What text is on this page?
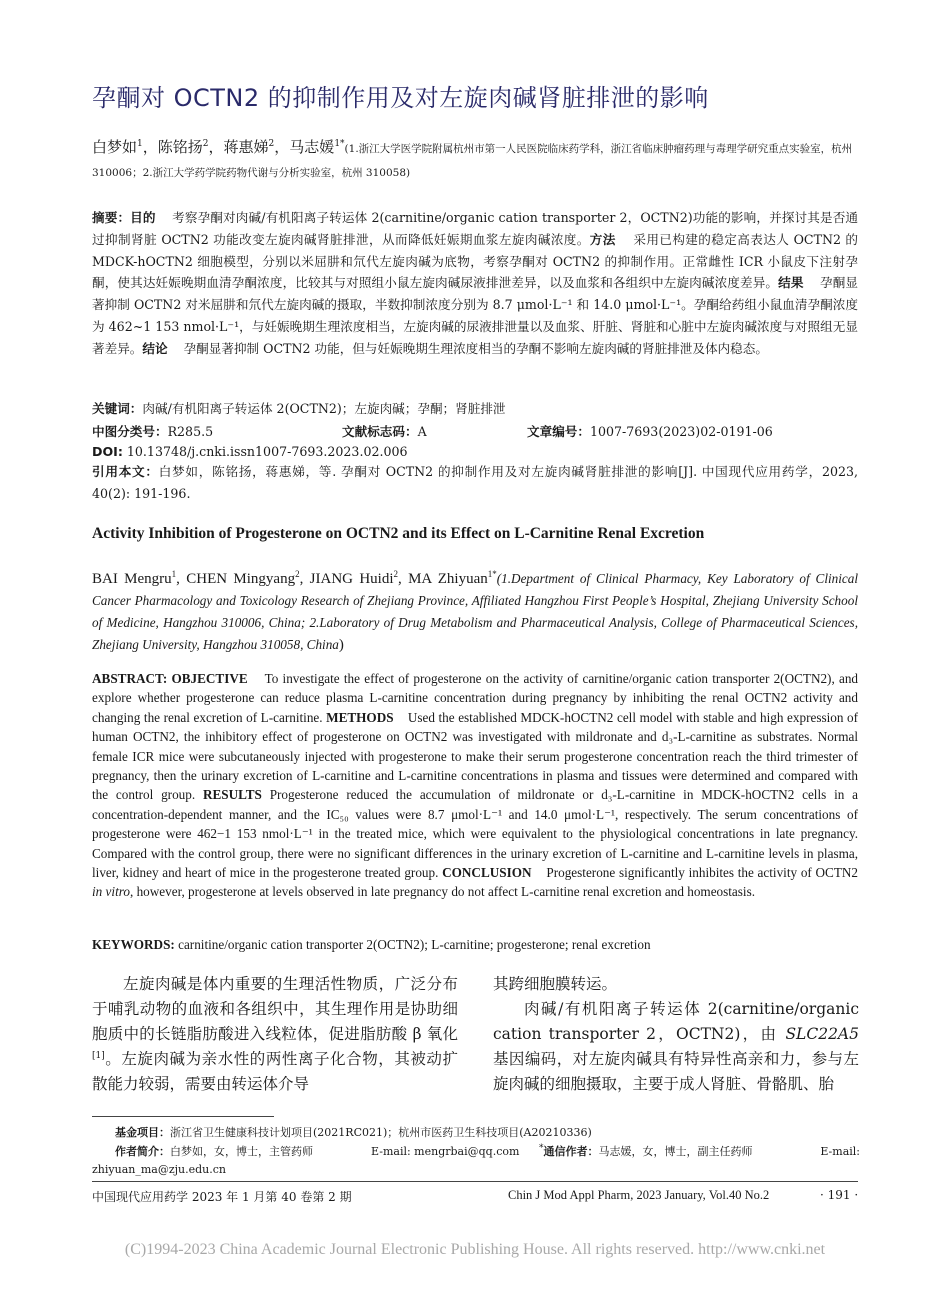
孕酮对 OCTN2 的抑制作用及对左旋肉碱肾脏排泄的影响
白梦如$^1$，陈铭扬$^2$，蒋惠娣$^2$，马志媛$^{1*}$(1.浙江大学医学院附属杭州市第一人民医院临床药学科，浙江省临床肿瘤药理与毒理学研究重点实验室，杭州 310006；2.浙江大学药学院药物代谢与分析实验室，杭州 310058)
摘要：目的 考察孕酮对肉碱/有机阳离子转运体 2(carnitine/organic cation transporter 2，OCTN2)功能的影响，并探讨其是否通过抑制肾脏 OCTN2 功能改变左旋肉碱肾脏排泄，从而降低妊娠期血浆左旋肉碱浓度。方法 采用已构建的稳定高表达人 OCTN2 的 MDCK-hOCTN2 细胞模型，分别以米屈肼和氘代左旋肉碱为底物，考察孕酮对 OCTN2 的抑制作用。正常雌性 ICR 小鼠皮下注射孕酮，使其达妊娠晚期血清孕酮浓度，比较其与对照组小鼠左旋肉碱尿液排泄差异，以及血浆和各组织中左旋肉碱浓度差异。结果 孕酮显著抑制 OCTN2 对米屈肼和氘代左旋肉碱的摄取，半数抑制浓度分别为 8.7 μmol·L⁻¹ 和 14.0 μmol·L⁻¹。孕酮给药组小鼠血清孕酮浓度为 462~1 153 nmol·L⁻¹，与妊娠晚期生理浓度相当，左旋肉碱的尿液排泄量以及血浆、肝脏、肾脏和心脏中左旋肉碱浓度与对照组无显著差异。结论 孕酮显著抑制 OCTN2 功能，但与妊娠晚期生理浓度相当的孕酮不影响左旋肉碱的肾脏排泄及体内稳态。
关键词：肉碱/有机阳离子转运体 2(OCTN2)；左旋肉碱；孕酮；肾脏排泄
中图分类号：R285.5	文献标志码：A	文章编号：1007-7693(2023)02-0191-06
DOI: 10.13748/j.cnki.issn1007-7693.2023.02.006
引用本文：白梦如，陈铭扬，蒋惠娣，等. 孕酮对 OCTN2 的抑制作用及对左旋肉碱肾脏排泄的影响[J]. 中国现代应用药学，2023, 40(2): 191-196.
Activity Inhibition of Progesterone on OCTN2 and its Effect on L-Carnitine Renal Excretion
BAI Mengru$^1$, CHEN Mingyang$^2$, JIANG Huidi$^2$, MA Zhiyuan$^{1*}$(1.Department of Clinical Pharmacy, Key Laboratory of Clinical Cancer Pharmacology and Toxicology Research of Zhejiang Province, Affiliated Hangzhou First People’s Hospital, Zhejiang University School of Medicine, Hangzhou 310006, China; 2.Laboratory of Drug Metabolism and Pharmaceutical Analysis, College of Pharmaceutical Sciences, Zhejiang University, Hangzhou 310058, China)
ABSTRACT: OBJECTIVE To investigate the effect of progesterone on the activity of carnitine/organic cation transporter 2(OCTN2), and explore whether progesterone can reduce plasma L-carnitine concentration during pregnancy by inhibiting the renal OCTN2 activity and changing the renal excretion of L-carnitine. METHODS Used the established MDCK-hOCTN2 cell model with stable and high expression of human OCTN2, the inhibitory effect of progesterone on OCTN2 was investigated with mildronate and d₃-L-carnitine as substrates. Normal female ICR mice were subcutaneously injected with progesterone to make their serum progesterone concentration reach the third trimester of pregnancy, then the urinary excretion of L-carnitine and L-carnitine concentrations in plasma and tissues were determined and compared with the control group. RESULTS Progesterone reduced the accumulation of mildronate or d₃-L-carnitine in MDCK-hOCTN2 cells in a concentration-dependent manner, and the IC₅₀ values were 8.7 μmol·L⁻¹ and 14.0 μmol·L⁻¹, respectively. The serum concentrations of progesterone were 462−1 153 nmol·L⁻¹ in the treated mice, which were equivalent to the physiological concentrations in late pregnancy. Compared with the control group, there were no significant differences in the urinary excretion of L-carnitine and L-carnitine levels in plasma, liver, kidney and heart of mice in the progesterone treated group. CONCLUSION Progesterone significantly inhibites the activity of OCTN2 in vitro, however, progesterone at levels observed in late pregnancy do not affect L-carnitine renal excretion and homeostasis.
KEYWORDS: carnitine/organic cation transporter 2(OCTN2); L-carnitine; progesterone; renal excretion
左旋肉碱是体内重要的生理活性物质，广泛分布于哺乳动物的血液和各组织中，其生理作用是协助细胞质中的长链脂肪酸进入线粒体，促进脂肪酸 β 氧化[1]。左旋肉碱为亲水性的两性离子化合物，其被动扩散能力较弱，需要由转运体介导
其跨细胞膜转运。
肉碱/有机阳离子转运体 2(carnitine/organic cation transporter 2，OCTN2)，由 SLC22A5 基因编码，对左旋肉碱具有特异性高亲和力，参与左旋肉碱的细胞摄取，主要于成人肾脏、骨骼肌、胎
基金项目：浙江省卫生健康科技计划项目(2021RC021)；杭州市医药卫生科技项目(A20210336)
作者简介：白梦如，女，博士，主管药师	E-mail: mengrbai@qq.com *通信作者：马志媛，女，博士，副主任药师	E-mail:
zhiyuan_ma@zju.edu.cn
中国现代应用药学 2023 年 1 月第 40 卷第 2 期	Chin J Mod Appl Pharm, 2023 January, Vol.40 No.2	· 191 ·
(C)1994-2023 China Academic Journal Electronic Publishing House. All rights reserved. http://www.cnki.net
